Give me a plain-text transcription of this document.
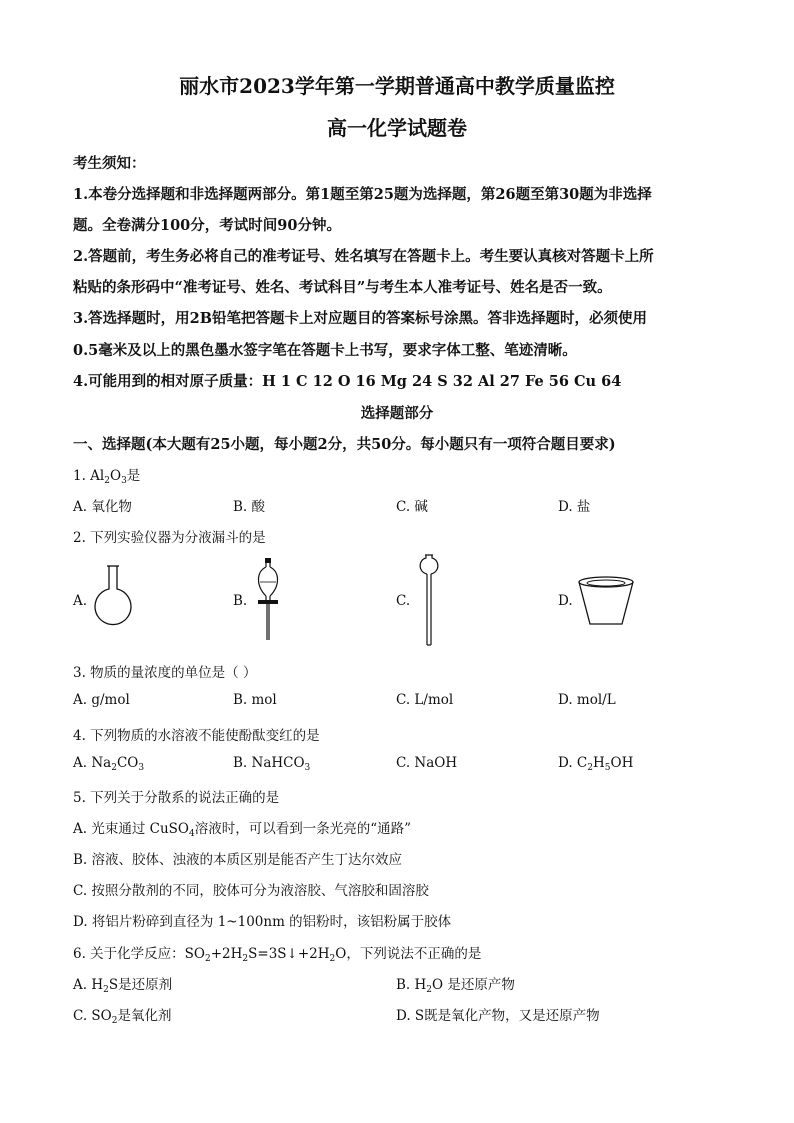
丽水市2023学年第一学期普通高中教学质量监控
高一化学试题卷
考生须知：
1.本卷分选择题和非选择题两部分。第1题至第25题为选择题，第26题至第30题为非选择
题。全卷满分100分，考试时间90分钟。
2.答题前，考生务必将自己的准考证号、姓名填写在答题卡上。考生要认真核对答题卡上所
粘贴的条形码中“准考证号、姓名、考试科目”与考生本人准考证号、姓名是否一致。
3.答选择题时，用2B铅笔把答题卡上对应题目的答案标号涂黑。答非选择题时，必须使用
0.5毫米及以上的黑色墨水签字笔在答题卡上书写，要求字体工整、笔迹清晰。
4.可能用到的相对原子质量：H 1 C 12 O 16 Mg 24 S 32 Al 27 Fe 56 Cu 64
选择题部分
一、选择题(本大题有25小题，每小题2分，共50分。每小题只有一项符合题目要求)
1. $Al_2O_3$是
A. 氧化物	B. 酸	C. 碱	D. 盐
2. 下列实验仪器为分液漏斗的是
A.	B.	C.	D.
3. 物质的量浓度的单位是（ ）
A. g/mol	B. mol	C. L/mol	D. mol/L
4. 下列物质的水溶液不能使酚酞变红的是
A. $Na_2CO_3$	B. NaHCO$_3$	C. NaOH	D. $C_2H_5OH$
5. 下列关于分散系的说法正确的是
A. 光束通过 CuSO$_4$溶液时，可以看到一条光亮的“通路”
B. 溶液、胶体、浊液的本质区别是能否产生丁达尔效应
C. 按照分散剂的不同，胶体可分为液溶胶、气溶胶和固溶胶
D. 将铝片粉碎到直径为 1~100nm 的铝粉时，该铝粉属于胶体
6. 关于化学反应：$SO_2+2H_2S=3S↓+2H_2O$，下列说法不正确的是
A. $H_2S$是还原剂	B. $H_2O$ 是还原产物
C. $SO_2$是氧化剂	D. S既是氧化产物，又是还原产物
